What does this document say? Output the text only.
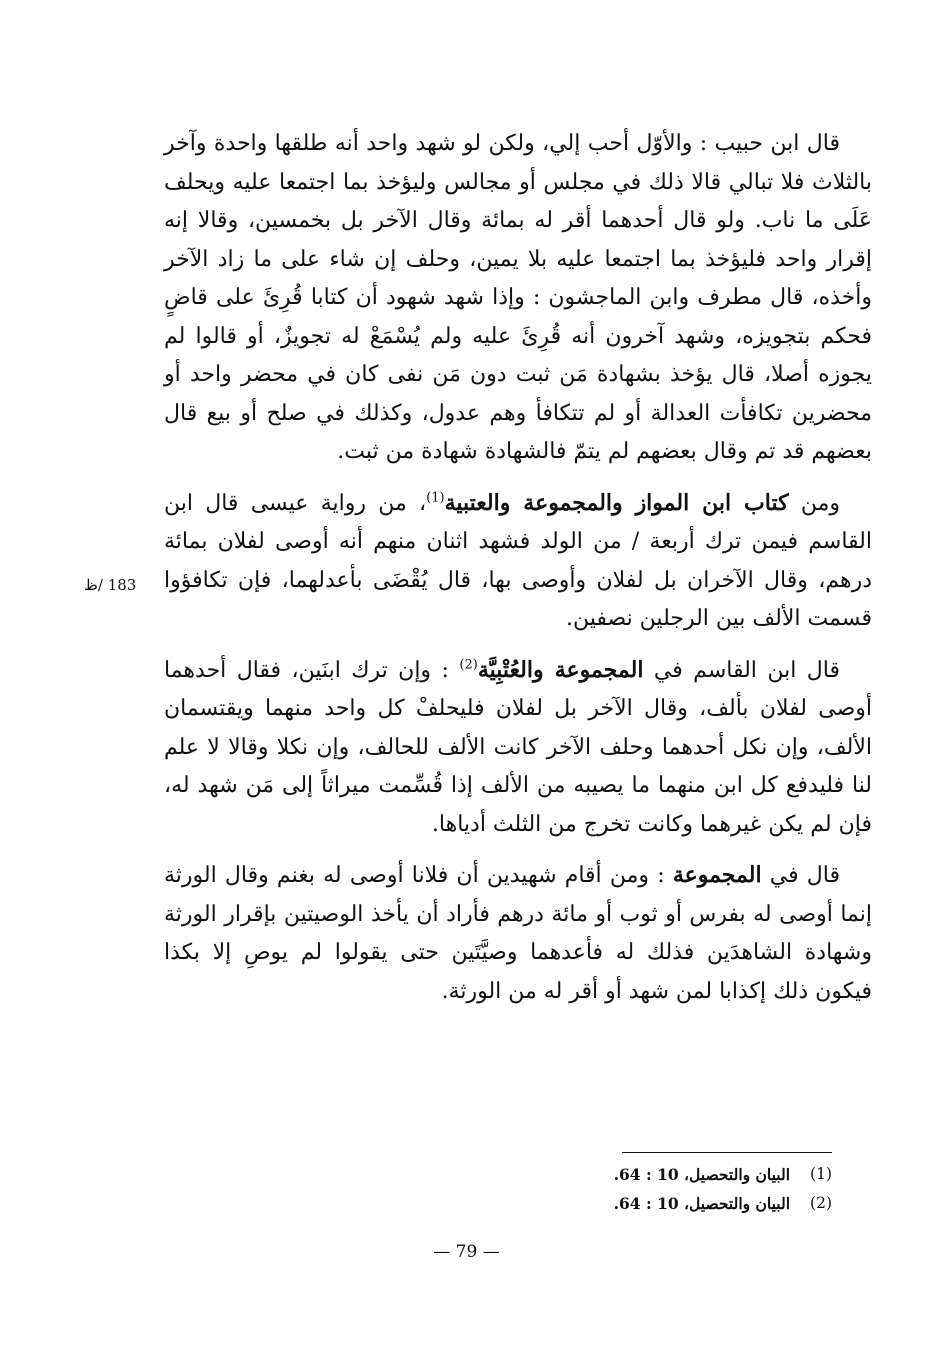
قال ابن حبيب : والأوّل أحب إلي، ولكن لو شهد واحد أنه طلقها واحدة وآخر بالثلاث فلا تبالي قالا ذلك في مجلس أو مجالس وليؤخذ بما اجتمعا عليه ويحلف عَلَى ما ناب. ولو قال أحدهما أقر له بمائة وقال الآخر بل بخمسين، وقالا إنه إقرار واحد فليؤخذ بما اجتمعا عليه بلا يمين، وحلف إن شاء على ما زاد الآخر وأخذه، قال مطرف وابن الماجشون : وإذا شهد شهود أن كتابا قُرِئَ على قاضٍ فحكم بتجويزه، وشهد آخرون أنه قُرِئَ عليه ولم يُسْمَعْ له تجويزٌ، أو قالوا لم يجوزه أصلا، قال يؤخذ بشهادة مَن ثبت دون مَن نفى كان في محضر واحد أو محضرين تكافأت العدالة أو لم تتكافأ وهم عدول، وكذلك في صلح أو بيع قال بعضهم قد تم وقال بعضهم لم يتمّ فالشهادة شهادة من ثبت.

ومن كتاب ابن المواز والمجموعة والعتبية$^{(1)}$، من رواية عيسى قال ابن القاسم فيمن ترك أربعة / من الولد فشهد اثنان منهم أنه أوصى لفلان بمائة درهم، وقال الآخران بل لفلان وأوصى بها، قال يُقْضَى بأعدلهما، فإن تكافؤوا قسمت الألف بين الرجلين نصفين.

قال ابن القاسم في المجموعة والعُتْبِيَّة$^{(2)}$ : وإن ترك ابنَين، فقال أحدهما أوصى لفلان بألف، وقال الآخر بل لفلان فليحلفْ كل واحد منهما ويقتسمان الألف، وإن نكل أحدهما وحلف الآخر كانت الألف للحالف، وإن نكلا وقالا لا علم لنا فليدفع كل ابن منهما ما يصيبه من الألف إذا قُسِّمت ميراثاً إلى مَن شهد له، فإن لم يكن غيرهما وكانت تخرج من الثلث أدياها.

قال في المجموعة : ومن أقام شهيدين أن فلانا أوصى له بغنم وقال الورثة إنما أوصى له بفرس أو ثوب أو مائة درهم فأراد أن يأخذ الوصيتين بإقرار الورثة وشهادة الشاهدَين فذلك له فأعدهما وصيَّتَين حتى يقولوا لم يوصِ إلا بكذا فيكون ذلك إكذابا لمن شهد أو أقر له من الورثة.

183 /ظ
(1)
البيان والتحصيل، 10 : 64.
(2)
البيان والتحصيل، 10 : 64.
— 79 —
